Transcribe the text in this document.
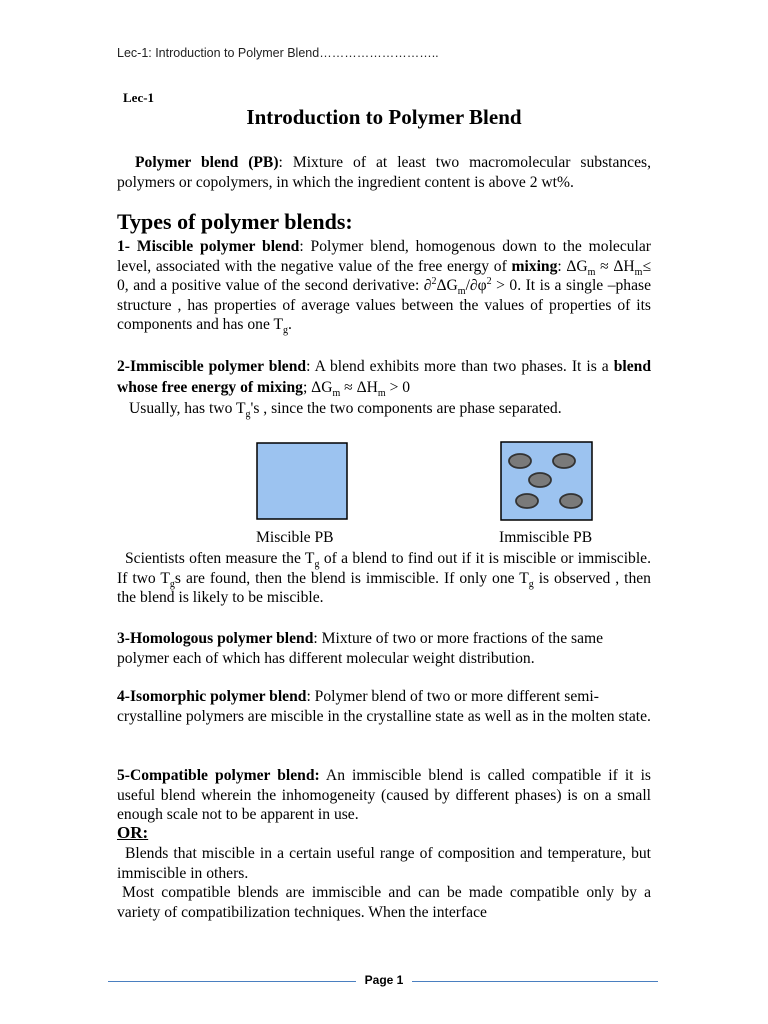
Lec-1: Introduction to Polymer Blend………………………..
Lec-1
Introduction to Polymer Blend
Polymer blend (PB): Mixture of at least two macromolecular substances, polymers or copolymers, in which the ingredient content is above 2 wt%.
Types of polymer blends:
1- Miscible polymer blend: Polymer blend, homogenous down to the molecular level, associated with the negative value of the free energy of mixing: $\Delta G_m \approx \Delta H_m\le 0$, and a positive value of the second derivative: $\partial^2\Delta G_m/\partial\varphi^2 > 0$. It is a single –phase structure , has properties of average values between the values of properties of its components and has one $T_g$.
2-Immiscible polymer blend: A blend exhibits more than two phases. It is a blend whose free energy of mixing; $\Delta G_m \approx \Delta H_m > 0$
Usually, has two $T_g's$ , since the two components are phase separated.
Miscible PB	Immiscible PB
Scientists often measure the $T_g$ of a blend to find out if it is miscible or immiscible. If two $T_gs$ are found, then the blend is immiscible. If only one $T_g$ is observed , then the blend is likely to be miscible.
3-Homologous polymer blend: Mixture of two or more fractions of the same polymer each of which has different molecular weight distribution.
4-Isomorphic polymer blend: Polymer blend of two or more different semi-crystalline polymers are miscible in the crystalline state as well as in the molten state.
5-Compatible polymer blend: An immiscible blend is called compatible if it is useful blend wherein the inhomogeneity (caused by different phases) is on a small enough scale not to be apparent in use.
OR:
Blends that miscible in a certain useful range of composition and temperature, but immiscible in others.
Most compatible blends are immiscible and can be made compatible only by a variety of compatibilization techniques. When the interface
Page 1
